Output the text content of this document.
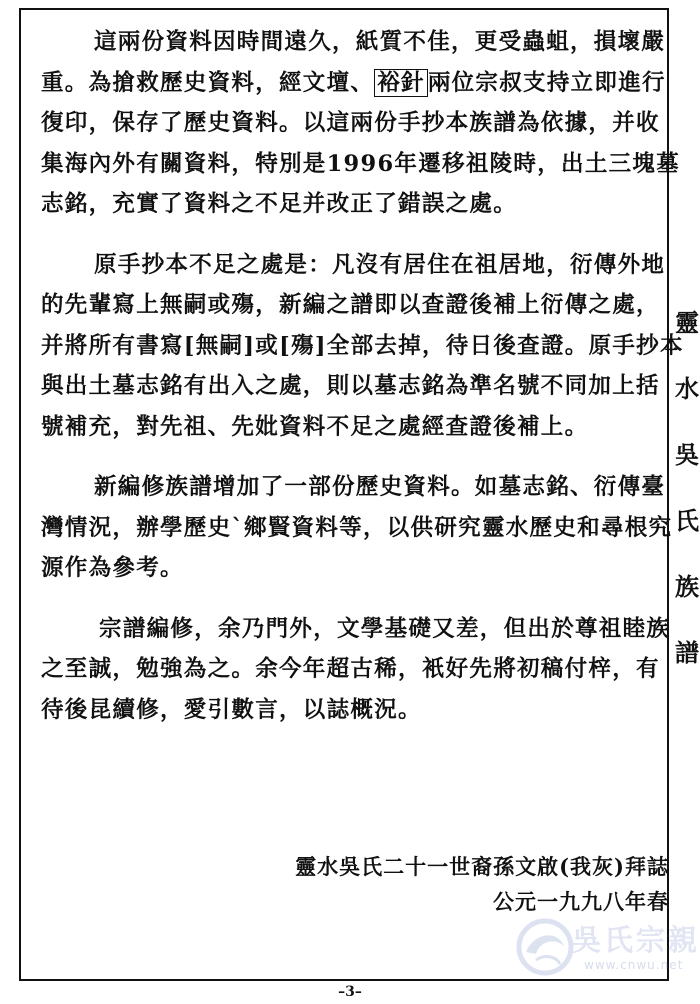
這兩份資料因時間遠久，紙質不佳，更受蟲蛆，損壞嚴
重。為搶救歷史資料，經文壇、 裕針 兩位宗叔支持立即進行
復印，保存了歷史資料。以這兩份手抄本族譜為依據，并收
集海內外有關資料，特別是1996年遷移祖陵時，出土三塊墓
志銘，充實了資料之不足并改正了錯誤之處。
原手抄本不足之處是：凡沒有居住在祖居地，衍傳外地
的先輩寫上無嗣或殤，新編之譜即以查證後補上衍傳之處，
并將所有書寫[無嗣]或[殤]全部去掉，待日後查證。原手抄本
與出土墓志銘有出入之處，則以墓志銘為準名號不同加上括
號補充，對先祖、先妣資料不足之處經查證後補上。
新編修族譜增加了一部份歷史資料。如墓志銘、衍傳臺
灣情況，辦學歷史`鄉賢資料等，以供研究靈水歷史和尋根究
源作為參考。
宗譜編修，余乃門外，文學基礎又差，但出於尊祖睦族
之至誠，勉強為之。余今年超古稀，衹好先將初稿付梓，有
待後昆續修，愛引數言，以誌概況。
靈水吳氏二十一世裔孫文啟(我灰)拜誌
公元一九九八年春
靈
水
吳
氏
族
譜
–3–
吳氏宗親
www.cnwu.net
